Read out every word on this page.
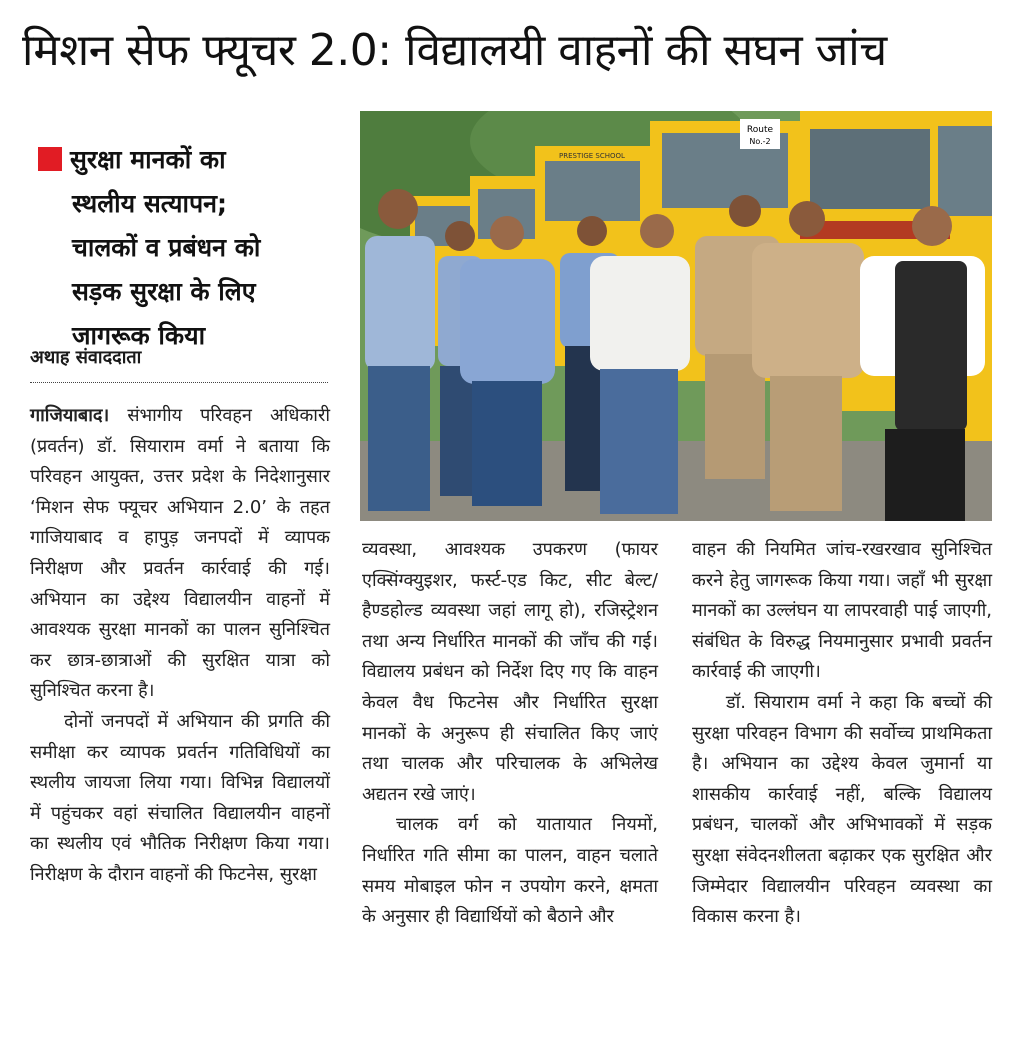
मिशन सेफ फ्यूचर 2.0: विद्यालयी वाहनों की सघन जांच
सुरक्षा मानकों का
स्थलीय सत्यापन;
चालकों व प्रबंधन को
सड़क सुरक्षा के लिए
जागरूक किया
अथाह संवाददाता
Route
No.-2
PRESTIGE SCHOOL

गाजियाबाद। संभागीय परिवहन अधिकारी (प्रवर्तन) डॉ. सियाराम वर्मा ने बताया कि परिवहन आयुक्त, उत्तर प्रदेश के निदेशानुसार ‘मिशन सेफ फ्यूचर अभियान 2.0’ के तहत गाजियाबाद व हापुड़ जनपदों में व्यापक निरीक्षण और प्रवर्तन कार्रवाई की गई। अभियान का उद्देश्य विद्यालयीन वाहनों में आवश्यक सुरक्षा मानकों का पालन सुनिश्चित कर छात्र-छात्राओं की सुरक्षित यात्रा को सुनिश्चित करना है।

दोनों जनपदों में अभियान की प्रगति की समीक्षा कर व्यापक प्रवर्तन गतिविधियों का स्थलीय जायजा लिया गया। विभिन्न विद्यालयों में पहुंचकर वहां संचालित विद्यालयीन वाहनों का स्थलीय एवं भौतिक निरीक्षण किया गया। निरीक्षण के दौरान वाहनों की फिटनेस, सुरक्षा

व्यवस्था, आवश्यक उपकरण (फायर एक्सिंग्क्युइशर, फर्स्ट-एड किट, सीट बेल्ट/हैण्डहोल्ड व्यवस्था जहां लागू हो), रजिस्ट्रेशन तथा अन्य निर्धारित मानकों की जाँच की गई। विद्यालय प्रबंधन को निर्देश दिए गए कि वाहन केवल वैध फिटनेस और निर्धारित सुरक्षा मानकों के अनुरूप ही संचालित किए जाएं तथा चालक और परिचालक के अभिलेख अद्यतन रखे जाएं।

चालक वर्ग को यातायात नियमों, निर्धारित गति सीमा का पालन, वाहन चलाते समय मोबाइल फोन न उपयोग करने, क्षमता के अनुसार ही विद्यार्थियों को बैठाने और

वाहन की नियमित जांच-रखरखाव सुनिश्चित करने हेतु जागरूक किया गया। जहाँ भी सुरक्षा मानकों का उल्लंघन या लापरवाही पाई जाएगी, संबंधित के विरुद्ध नियमानुसार प्रभावी प्रवर्तन कार्रवाई की जाएगी।

डॉ. सियाराम वर्मा ने कहा कि बच्चों की सुरक्षा परिवहन विभाग की सर्वोच्च प्राथमिकता है। अभियान का उद्देश्य केवल जुमार्ना या शासकीय कार्रवाई नहीं, बल्कि विद्यालय प्रबंधन, चालकों और अभिभावकों में सड़क सुरक्षा संवेदनशीलता बढ़ाकर एक सुरक्षित और जिम्मेदार विद्यालयीन परिवहन व्यवस्था का विकास करना है।
